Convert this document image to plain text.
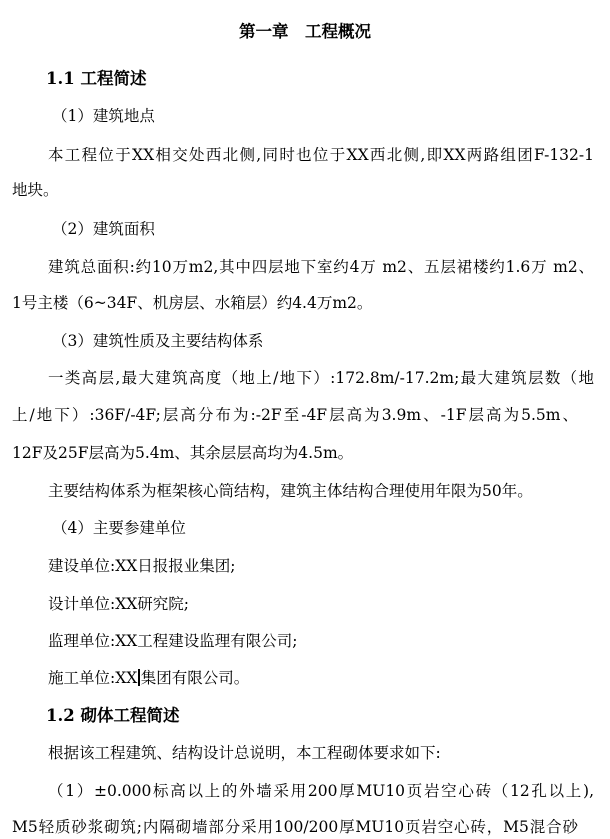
第一章　工程概况
1.1 工程简述
（1）建筑地点
本工程位于XX相交处西北侧,同时也位于XX西北侧,即XX两路组团F-132-1
地块。
（2）建筑面积
建筑总面积:约10万m2,其中四层地下室约4万 m2、五层裙楼约1.6万 m2、
1号主楼（6~34F、机房层、水箱层）约4.4万m2。
（3）建筑性质及主要结构体系
一类高层,最大建筑高度（地上/地下）:172.8m/-17.2m;最大建筑层数（地
上/地下）:36F/-4F;层高分布为:-2F至-4F层高为3.9m、-1F层高为5.5m、
12F及25F层高为5.4m、其余层层高均为4.5m。
主要结构体系为框架核心筒结构，建筑主体结构合理使用年限为50年。
（4）主要参建单位
建设单位:XX日报报业集团;
设计单位:XX研究院;
监理单位:XX工程建设监理有限公司;
施工单位:XX 集团有限公司。
1.2 砌体工程简述
根据该工程建筑、结构设计总说明，本工程砌体要求如下:
（1）±0.000标高以上的外墙采用200厚MU10页岩空心砖（12孔以上),
M5轻质砂浆砌筑;内隔砌墙部分采用100/200厚MU10页岩空心砖，M5混合砂
